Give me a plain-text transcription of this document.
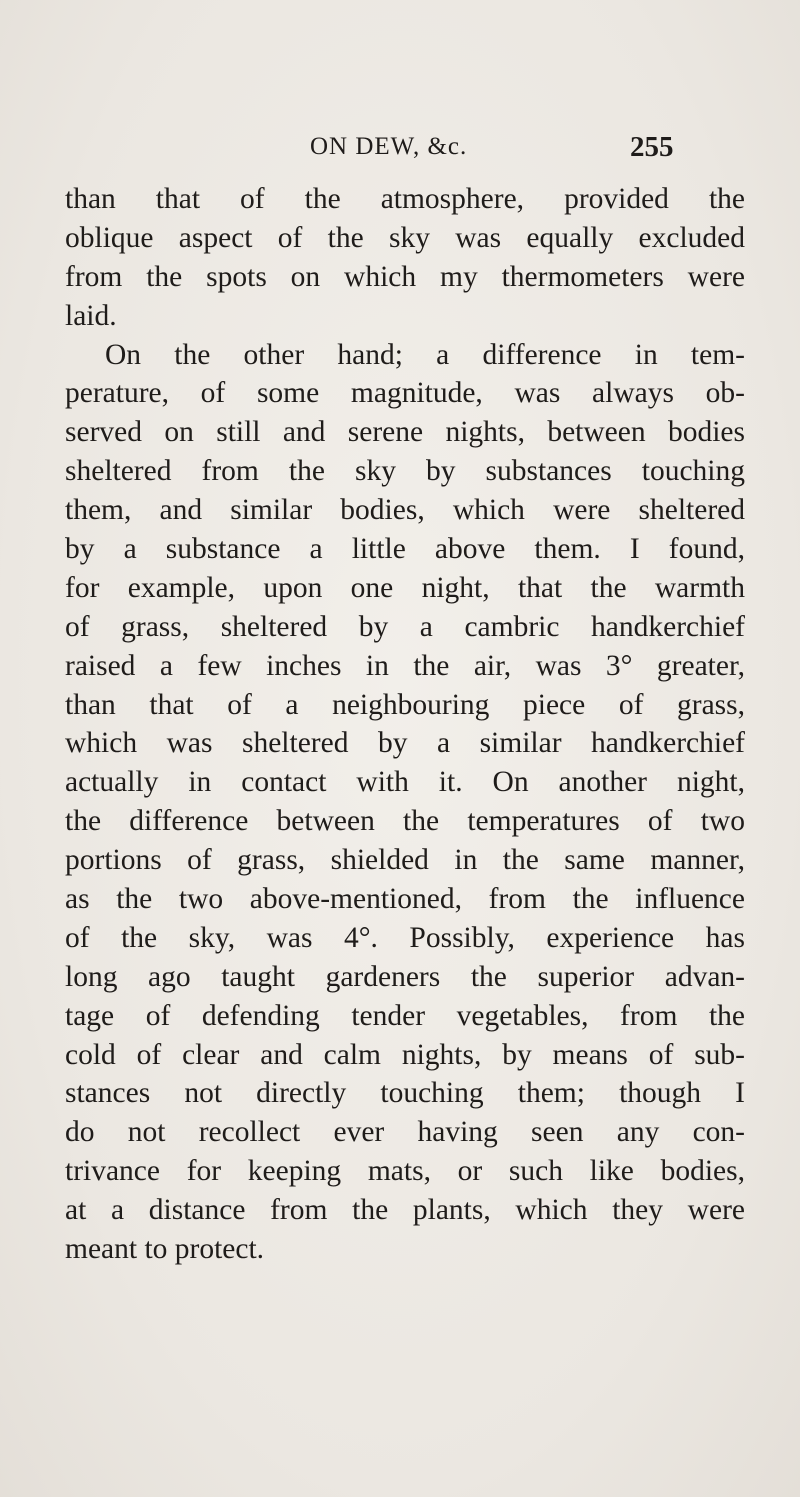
ON DEW, &c.	255
than that of the atmosphere, provided the
oblique aspect of the sky was equally excluded
from the spots on which my thermometers were
laid.
On the other hand; a difference in tem-
perature, of some magnitude, was always ob-
served on still and serene nights, between bodies
sheltered from the sky by substances touching
them, and similar bodies, which were sheltered
by a substance a little above them. I found,
for example, upon one night, that the warmth
of grass, sheltered by a cambric handkerchief
raised a few inches in the air, was 3° greater,
than that of a neighbouring piece of grass,
which was sheltered by a similar handkerchief
actually in contact with it. On another night,
the difference between the temperatures of two
portions of grass, shielded in the same manner,
as the two above-mentioned, from the influence
of the sky, was 4°. Possibly, experience has
long ago taught gardeners the superior advan-
tage of defending tender vegetables, from the
cold of clear and calm nights, by means of sub-
stances not directly touching them; though I
do not recollect ever having seen any con-
trivance for keeping mats, or such like bodies,
at a distance from the plants, which they were
meant to protect.
